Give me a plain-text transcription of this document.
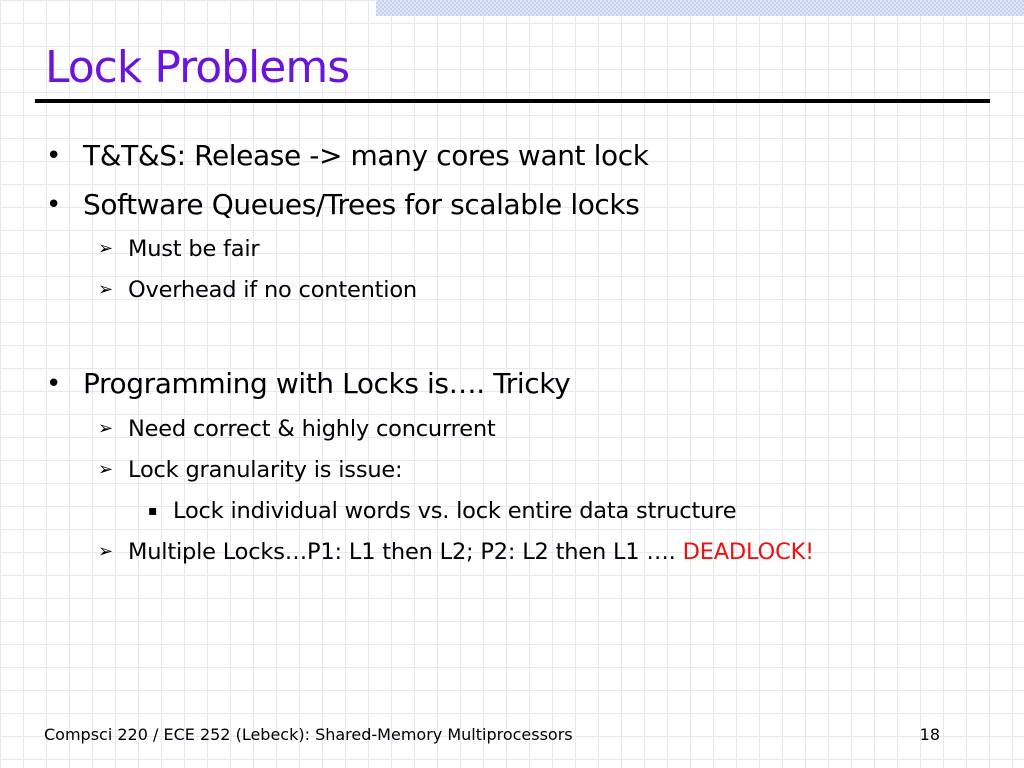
Lock Problems
• T&T&S: Release -> many cores want lock
• Software Queues/Trees for scalable locks
➢ Must be fair
➢ Overhead if no contention
• Programming with Locks is…. Tricky
➢ Need correct & highly concurrent
➢ Lock granularity is issue:
▪ Lock individual words vs. lock entire data structure
➢ Multiple Locks…P1: L1 then L2; P2: L2 then L1 …. DEADLOCK!
Compsci 220 / ECE 252 (Lebeck): Shared-Memory Multiprocessors	18
